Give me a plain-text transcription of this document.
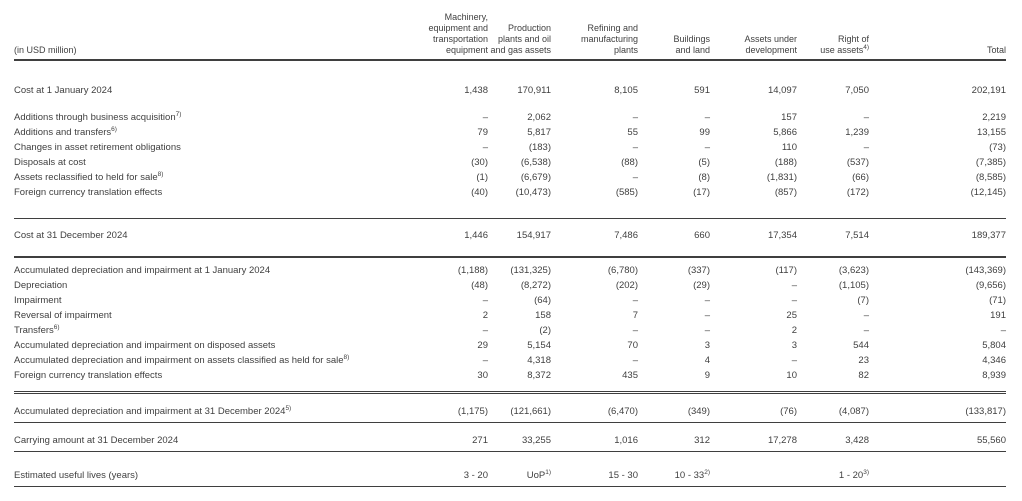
(in USD million)	Machinery,
equipment and
transportation
equipment	Production
plants and oil
and gas assets	Refining and
manufacturing
plants	Buildings
and land	Assets under
development	Right of
use assets$^{4)}$	Total

Cost at 1 January 2024	1,438	170,911	8,105	591	14,097	7,050	202,191
Additions through business acquisition$^{7)}$	–	2,062	–	–	157	–	2,219
Additions and transfers$^{6)}$	79	5,817	55	99	5,866	1,239	13,155
Changes in asset retirement obligations	–	(183)	–	–	110	–	(73)
Disposals at cost	(30)	(6,538)	(88)	(5)	(188)	(537)	(7,385)
Assets reclassified to held for sale$^{8)}$	(1)	(6,679)	–	(8)	(1,831)	(66)	(8,585)
Foreign currency translation effects	(40)	(10,473)	(585)	(17)	(857)	(172)	(12,145)
Cost at 31 December 2024	1,446	154,917	7,486	660	17,354	7,514	189,377
Accumulated depreciation and impairment at 1 January 2024	(1,188)	(131,325)	(6,780)	(337)	(117)	(3,623)	(143,369)
Depreciation	(48)	(8,272)	(202)	(29)	–	(1,105)	(9,656)
Impairment	–	(64)	–	–	–	(7)	(71)
Reversal of impairment	2	158	7	–	25	–	191
Transfers$^{6)}$	–	(2)	–	–	2	–	–
Accumulated depreciation and impairment on disposed assets	29	5,154	70	3	3	544	5,804
Accumulated depreciation and impairment on assets classified as held for sale$^{8)}$	–	4,318	–	4	–	23	4,346
Foreign currency translation effects	30	8,372	435	9	10	82	8,939
Accumulated depreciation and impairment at 31 December 2024$^{5)}$	(1,175)	(121,661)	(6,470)	(349)	(76)	(4,087)	(133,817)
Carrying amount at 31 December 2024	271	33,255	1,016	312	17,278	3,428	55,560
Estimated useful lives (years)	3 - 20	UoP$^{1)}$	15 - 30	10 - 33$^{2)}$		1 - 20$^{3)}$	
